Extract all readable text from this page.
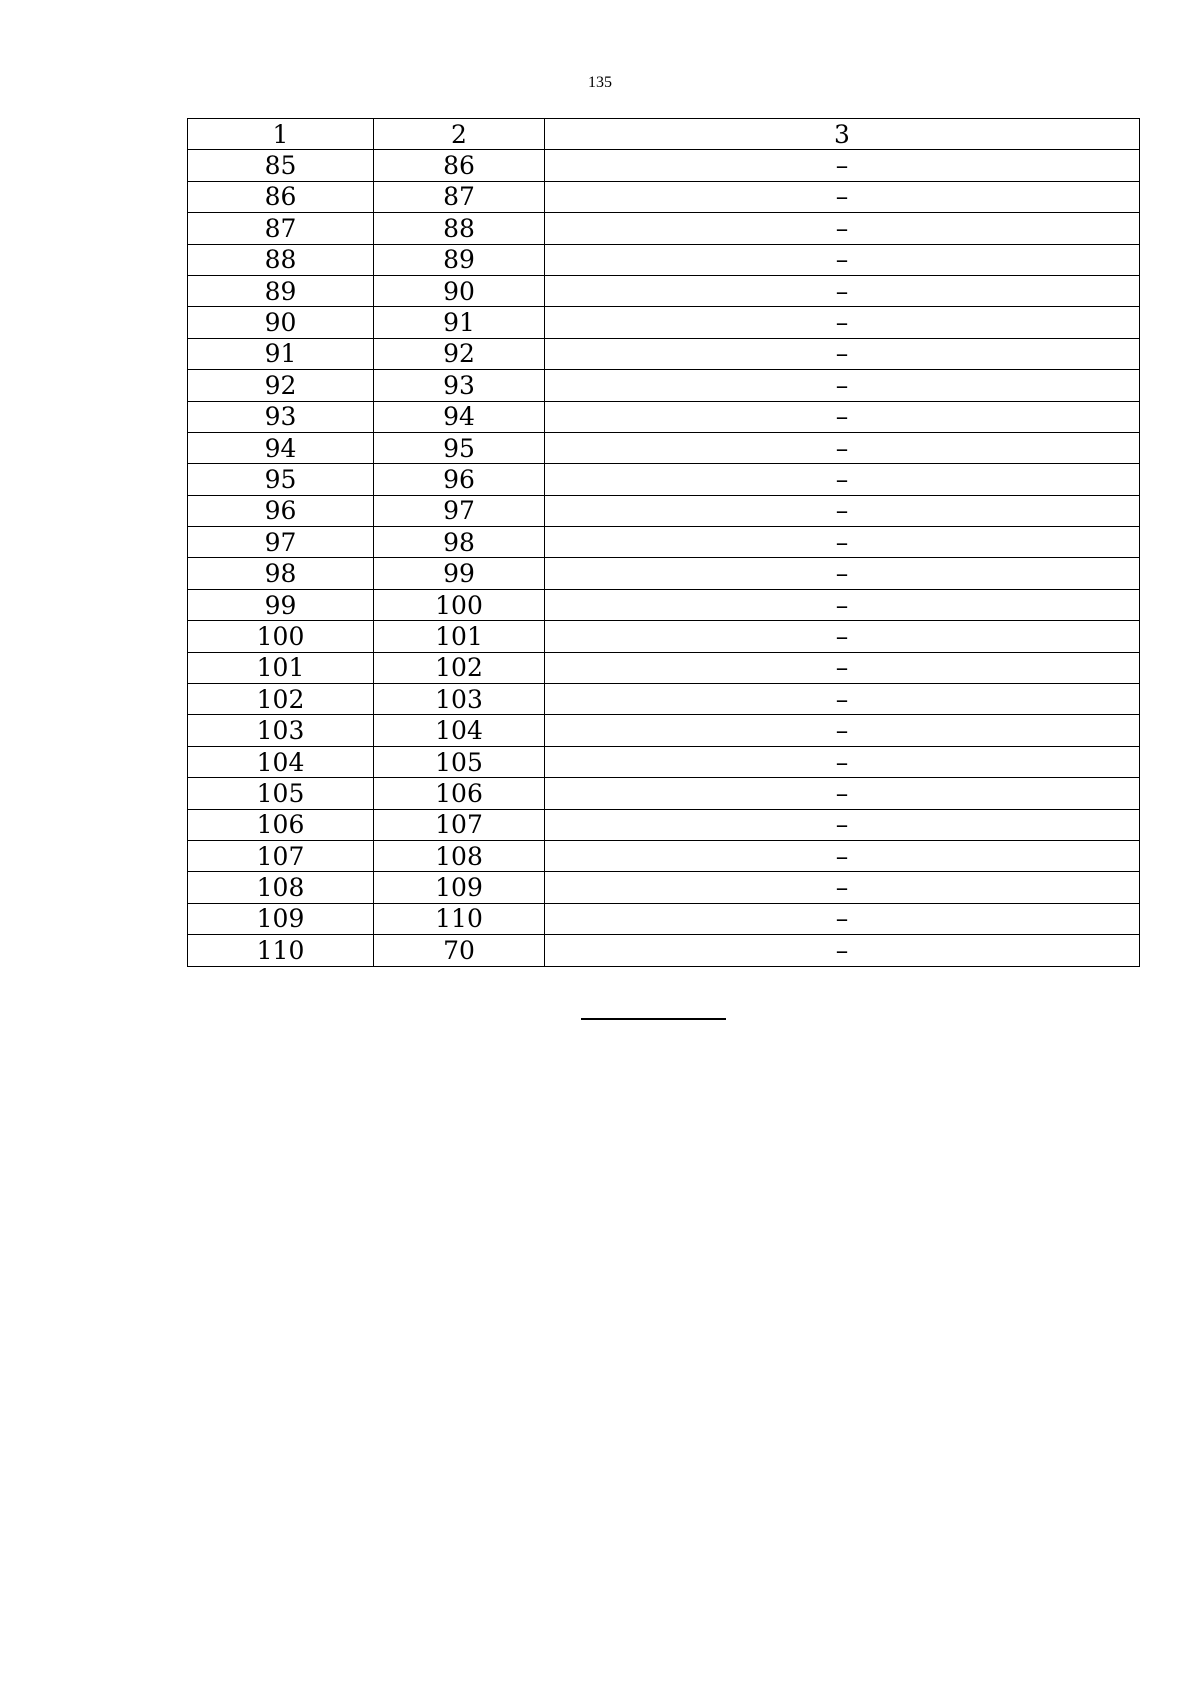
135
1	2	3
85	86	–
86	87	–
87	88	–
88	89	–
89	90	–
90	91	–
91	92	–
92	93	–
93	94	–
94	95	–
95	96	–
96	97	–
97	98	–
98	99	–
99	100	–
100	101	–
101	102	–
102	103	–
103	104	–
104	105	–
105	106	–
106	107	–
107	108	–
108	109	–
109	110	–
110	70	–
